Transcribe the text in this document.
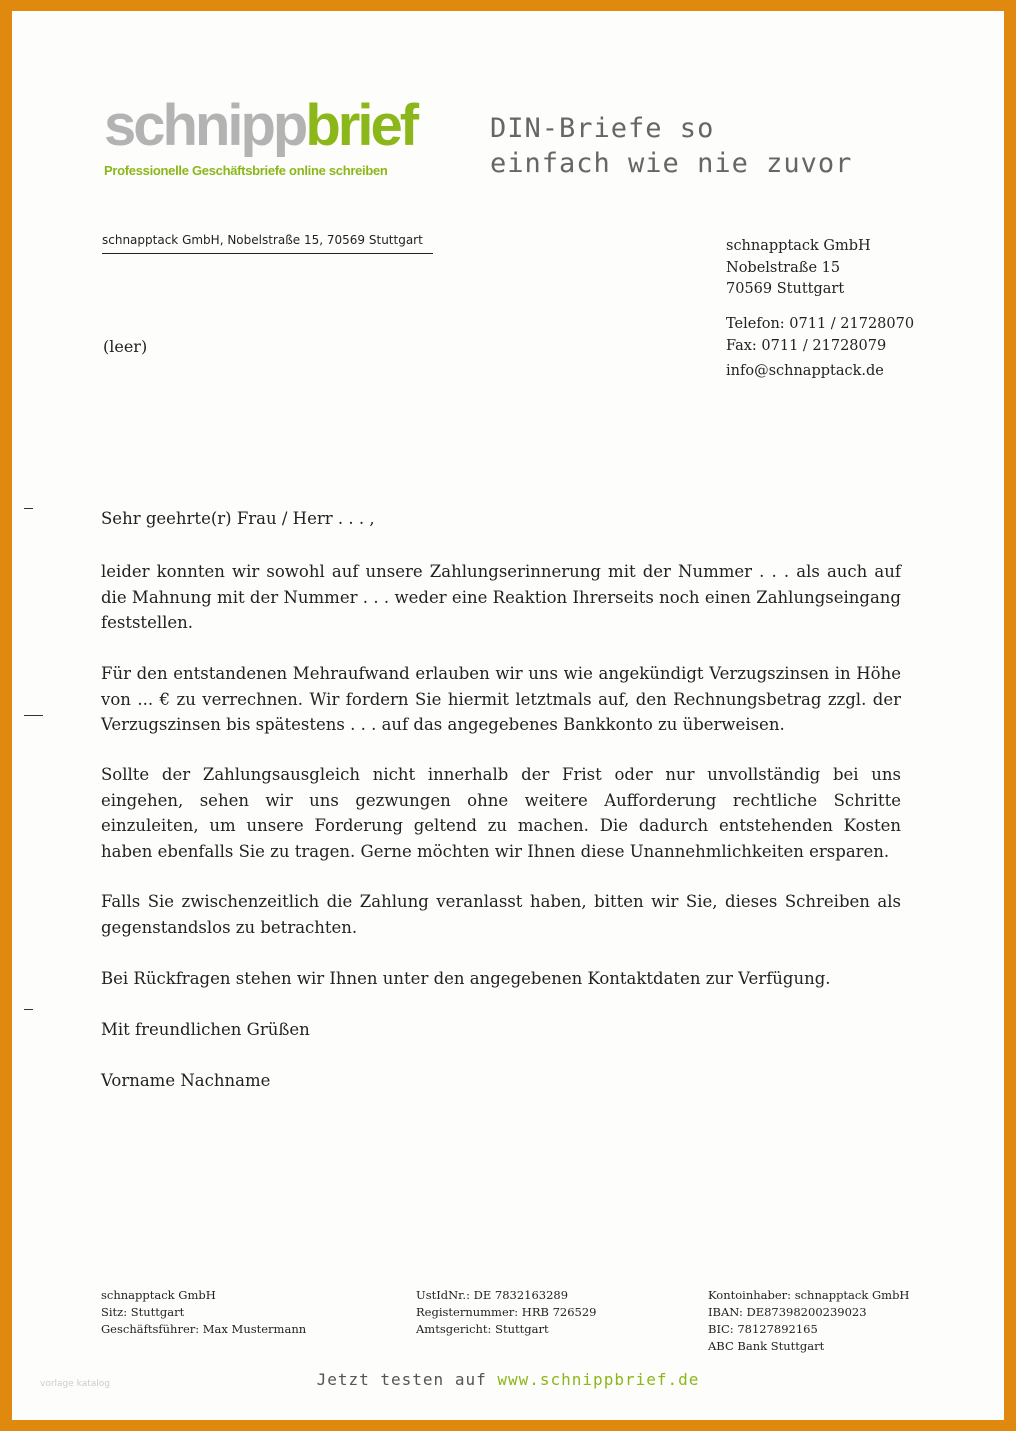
schnippbrief
Professionelle Geschäftsbriefe online schreiben
DIN-Briefe so
einfach wie nie zuvor
schnapptack GmbH, Nobelstraße 15, 70569 Stuttgart
(leer)
schnapptack GmbH
Nobelstraße 15
70569 Stuttgart
Telefon: 0711 / 21728070
Fax: 0711 / 21728079
info@schnapptack.de
Sehr geehrte(r) Frau / Herr . . . ,
leider konnten wir sowohl auf unsere Zahlungserinnerung mit der Nummer . . . als auch auf die Mahnung mit der Nummer . . . weder eine Reaktion Ihrerseits noch einen Zahlungseingang feststellen.
Für den entstandenen Mehraufwand erlauben wir uns wie angekündigt Verzugszinsen in Höhe von ... € zu verrechnen. Wir fordern Sie hiermit letztmals auf, den Rechnungsbetrag zzgl. der Verzugszinsen bis spätestens . . . auf das angegebenes Bankkonto zu überweisen.
Sollte der Zahlungsausgleich nicht innerhalb der Frist oder nur unvollständig bei uns eingehen, sehen wir uns gezwungen ohne weitere Aufforderung rechtliche Schritte einzuleiten, um unsere Forderung geltend zu machen. Die dadurch entstehenden Kosten haben ebenfalls Sie zu tragen. Gerne möchten wir Ihnen diese Unannehmlichkeiten ersparen.
Falls Sie zwischenzeitlich die Zahlung veranlasst haben, bitten wir Sie, dieses Schreiben als gegenstandslos zu betrachten.
Bei Rückfragen stehen wir Ihnen unter den angegebenen Kontaktdaten zur Verfügung.
Mit freundlichen Grüßen
Vorname Nachname
schnapptack GmbH
Sitz: Stuttgart
Geschäftsführer: Max Mustermann
UstIdNr.: DE 7832163289
Registernummer: HRB 726529
Amtsgericht: Stuttgart
Kontoinhaber: schnapptack GmbH
IBAN: DE87398200239023
BIC: 78127892165
ABC Bank Stuttgart
Jetzt testen auf www.schnippbrief.de
vorlage katalog
